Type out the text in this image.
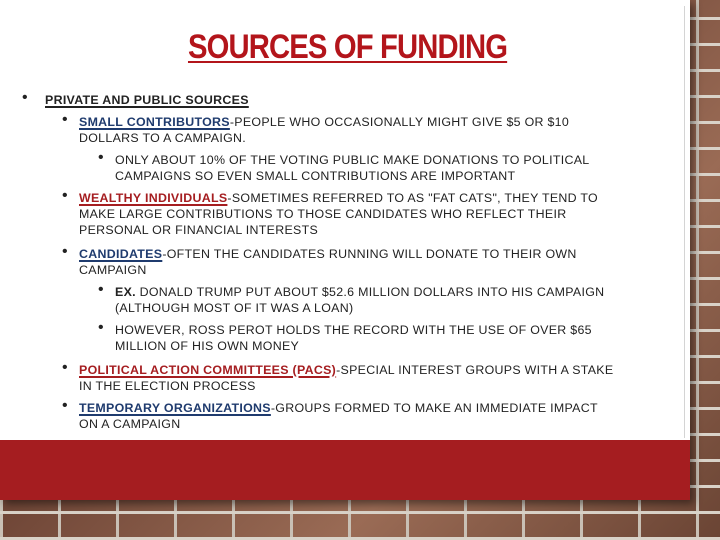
SOURCES OF FUNDING
• PRIVATE AND PUBLIC SOURCES
• SMALL CONTRIBUTORS-PEOPLE WHO OCCASIONALLY MIGHT GIVE $5 OR $10
DOLLARS TO A CAMPAIGN.
• ONLY ABOUT 10% OF THE VOTING PUBLIC MAKE DONATIONS TO POLITICAL
CAMPAIGNS SO EVEN SMALL CONTRIBUTIONS ARE IMPORTANT
• WEALTHY INDIVIDUALS-SOMETIMES REFERRED TO AS "FAT CATS", THEY TEND TO
MAKE LARGE CONTRIBUTIONS TO THOSE CANDIDATES WHO REFLECT THEIR
PERSONAL OR FINANCIAL INTERESTS
• CANDIDATES-OFTEN THE CANDIDATES RUNNING WILL DONATE TO THEIR OWN
CAMPAIGN
• EX. DONALD TRUMP PUT ABOUT $52.6 MILLION DOLLARS INTO HIS CAMPAIGN
(ALTHOUGH MOST OF IT WAS A LOAN)
• HOWEVER, ROSS PEROT HOLDS THE RECORD WITH THE USE OF OVER $65
MILLION OF HIS OWN MONEY
• POLITICAL ACTION COMMITTEES (PACS)-SPECIAL INTEREST GROUPS WITH A STAKE
IN THE ELECTION PROCESS
• TEMPORARY ORGANIZATIONS-GROUPS FORMED TO MAKE AN IMMEDIATE IMPACT
ON A CAMPAIGN
